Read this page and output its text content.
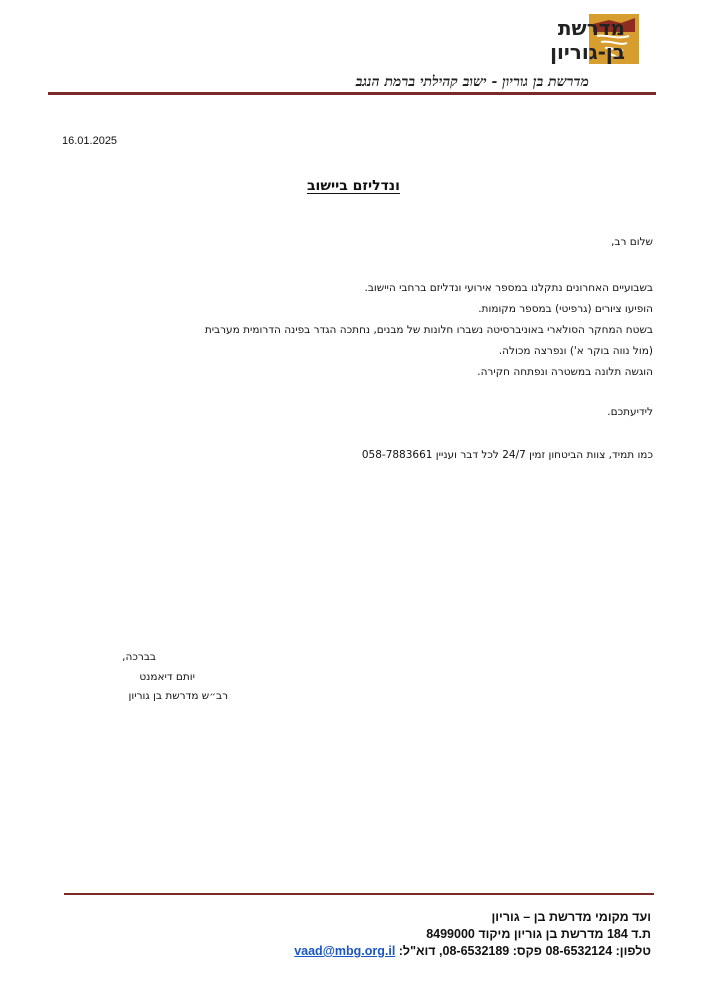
מדרשת
בן-גוריון
מדרשת בן גוריון - ישוב קהילתי ברמת הנגב
16.01.2025
ונדליזם ביישוב
שלום רב,
בשבועיים האחרונים נתקלנו במספר אירועי ונדליזם ברחבי היישוב.
הופיעו ציורים (גרפיטי) במספר מקומות.
בשטח המחקר הסולארי באוניברסיטה נשברו חלונות של מבנים, נחתכה הגדר בפינה הדרומית מערבית
(מול נווה בוקר א') ונפרצה מכולה.
הוגשה תלונה במשטרה ונפתחה חקירה.
לידיעתכם.
כמו תמיד, צוות הביטחון זמין 24/7 לכל דבר ועניין 058-7883661
בברכה,
יותם דיאמנט
רב״ש מדרשת בן גוריון
ועד מקומי מדרשת בן – גוריון
ת.ד 184 מדרשת בן גוריון מיקוד 8499000
טלפון: 08-6532124 פקס: 08-6532189, דוא"ל: vaad@mbg.org.il
